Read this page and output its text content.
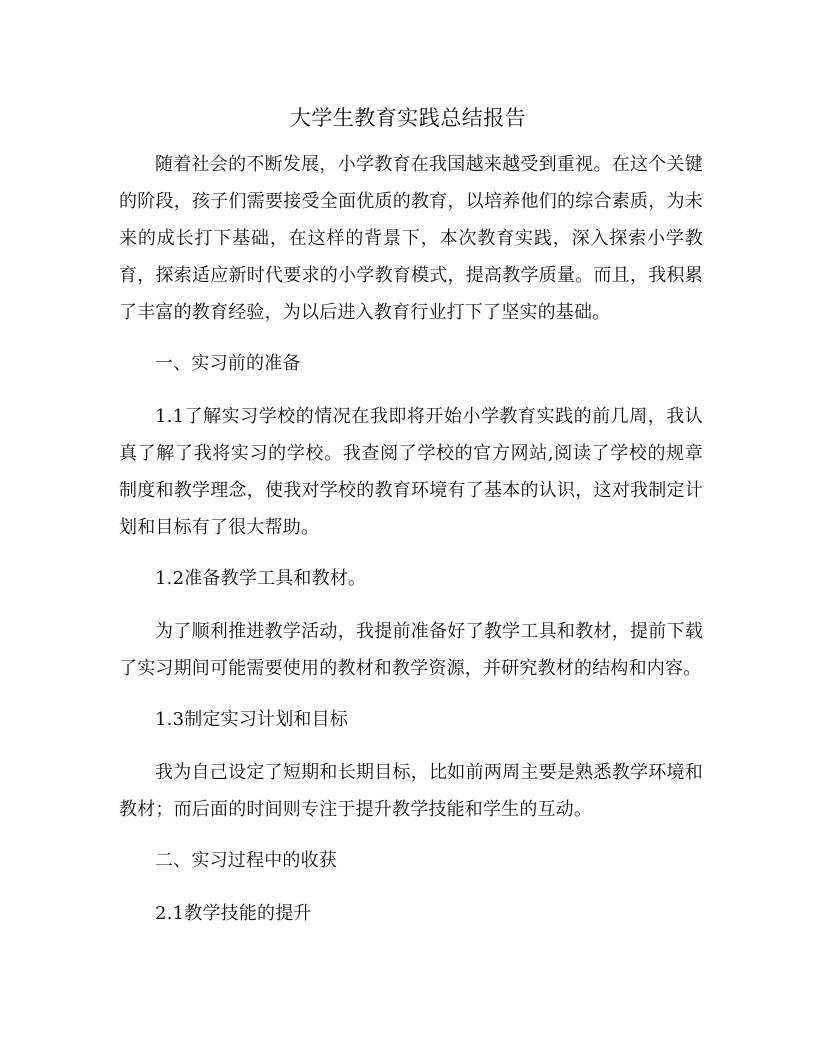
大学生教育实践总结报告

随着社会的不断发展，小学教育在我国越来越受到重视。在这个关键的阶段，孩子们需要接受全面优质的教育，以培养他们的综合素质，为未来的成长打下基础，在这样的背景下，本次教育实践，深入探索小学教育，探索适应新时代要求的小学教育模式，提高教学质量。而且，我积累了丰富的教育经验，为以后进入教育行业打下了坚实的基础。

一、实习前的准备

1.1了解实习学校的情况在我即将开始小学教育实践的前几周，我认真了解了我将实习的学校。我查阅了学校的官方网站,阅读了学校的规章制度和教学理念，使我对学校的教育环境有了基本的认识，这对我制定计划和目标有了很大帮助。

1.2准备教学工具和教材。

为了顺利推进教学活动，我提前准备好了教学工具和教材，提前下载了实习期间可能需要使用的教材和教学资源，并研究教材的结构和内容。

1.3制定实习计划和目标

我为自己设定了短期和长期目标，比如前两周主要是熟悉教学环境和教材；而后面的时间则专注于提升教学技能和学生的互动。

二、实习过程中的收获

2.1教学技能的提升
